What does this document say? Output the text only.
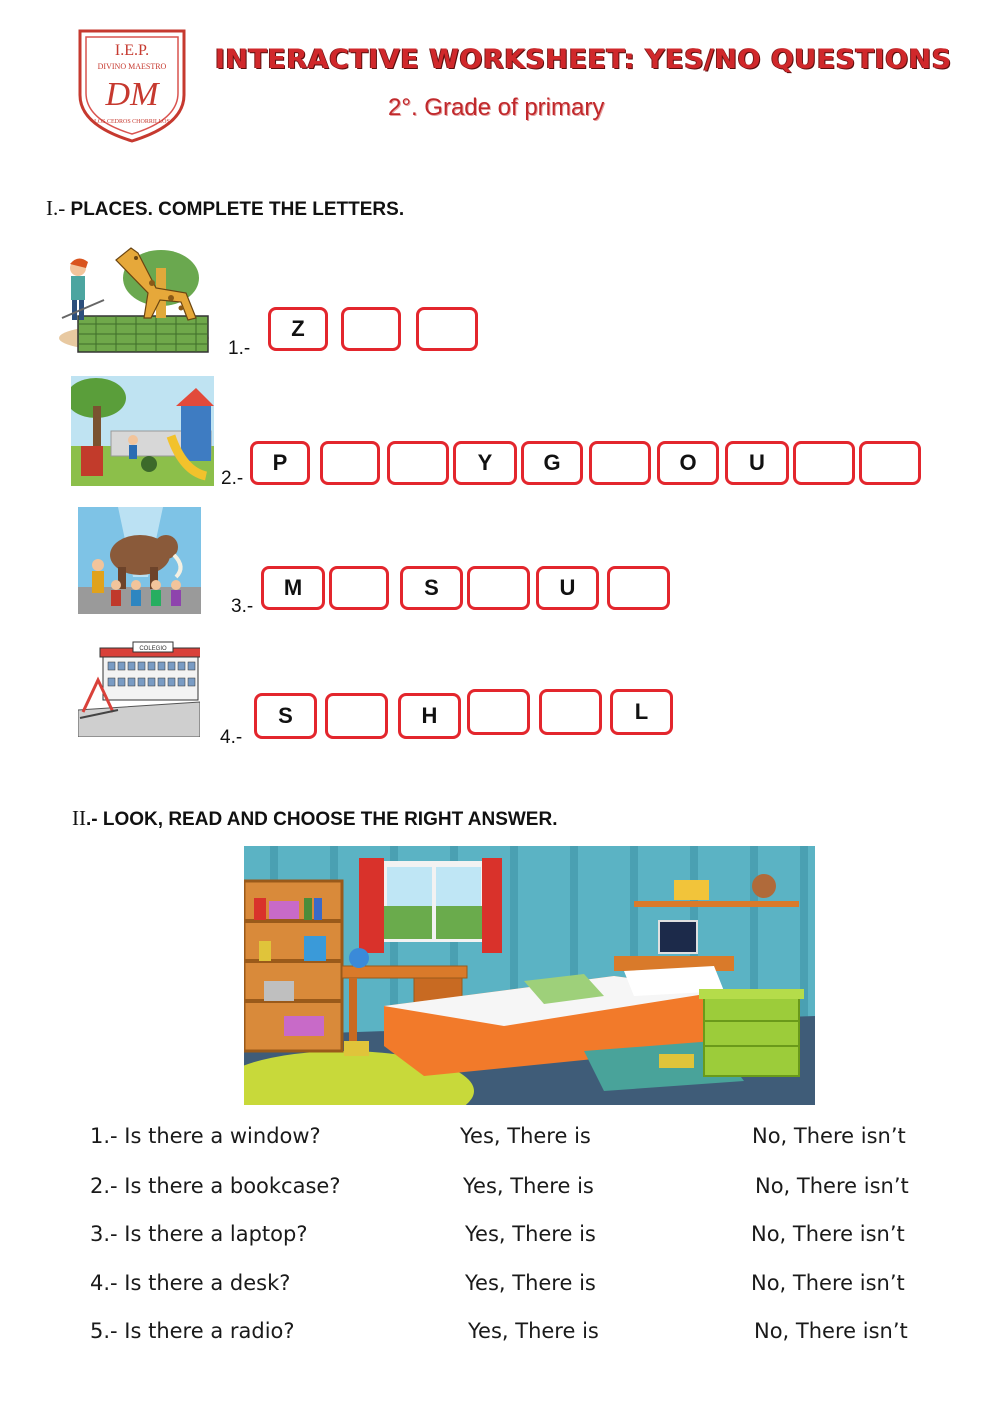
I.E.P.
DIVINO MAESTRO
DM
LOS CEDROS CHORRILLOS
INTERACTIVE WORKSHEET: YES/NO QUESTIONS
2°. Grade of primary
I.- PLACES. COMPLETE THE LETTERS.
1.-
Z
2.-
P	Y G	O U
3.-
M	S	U
COLEGIO
4.-
S	H	L
II.- LOOK, READ AND CHOOSE THE RIGHT ANSWER.
1.- Is there a window?	Yes, There is	No, There isn’t
2.- Is there a bookcase?	Yes, There is	No, There isn’t
3.- Is there a laptop?	Yes, There is	No, There isn’t
4.- Is there a desk?	Yes, There is	No, There isn’t
5.- Is there a radio?	Yes, There is	No, There isn’t
